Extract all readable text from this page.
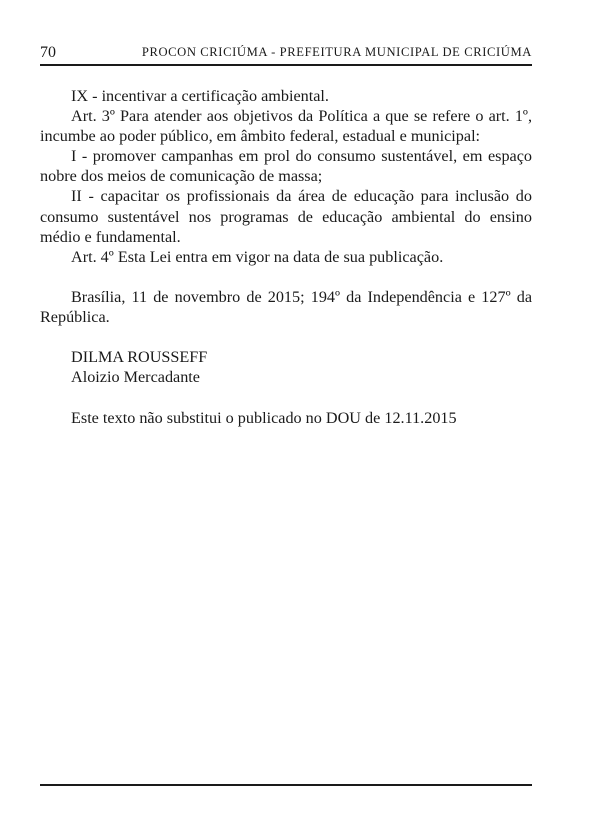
70	PROCON CRICIÚMA - PREFEITURA MUNICIPAL DE CRICIÚMA

IX - incentivar a certificação ambiental.

Art. 3º Para atender aos objetivos da Política a que se refere o art. 1º, incumbe ao poder público, em âmbito federal, estadual e municipal:

I - promover campanhas em prol do consumo sustentável, em espaço nobre dos meios de comunicação de massa;

II - capacitar os profissionais da área de educação para inclusão do consumo sustentável nos programas de educação ambiental do ensino médio e fundamental.

Art. 4º Esta Lei entra em vigor na data de sua publicação.

Brasília, 11 de novembro de 2015; 194º da Independência e 127º da República.

DILMA ROUSSEFF

Aloizio Mercadante

Este texto não substitui o publicado no DOU de 12.11.2015
